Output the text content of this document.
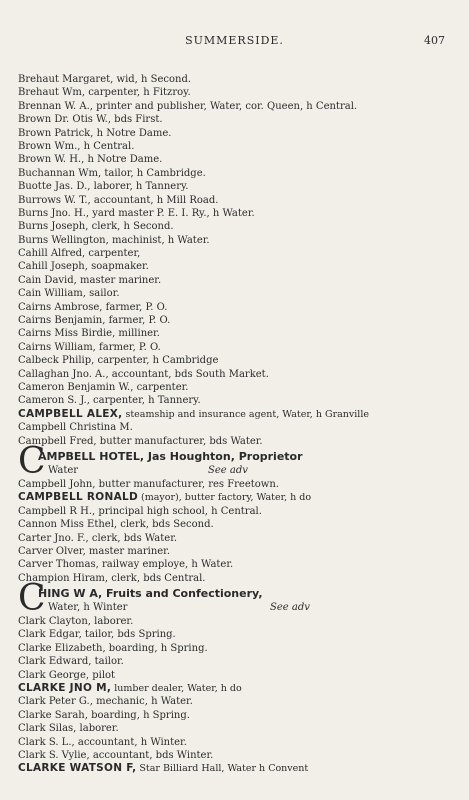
SUMMERSIDE.	407
Brehaut Margaret, wid, h Second.
Brehaut Wm, carpenter, h Fitzroy.
Brennan W. A., printer and publisher, Water, cor. Queen, h Central.
Brown Dr. Otis W., bds First.
Brown Patrick, h Notre Dame.
Brown Wm., h Central.
Brown W. H., h Notre Dame.
Buchannan Wm, tailor, h Cambridge.
Buotte Jas. D., laborer, h Tannery.
Burrows W. T., accountant, h Mill Road.
Burns Jno. H., yard master P. E. I. Ry., h Water.
Burns Joseph, clerk, h Second.
Burns Wellington, machinist, h Water.
Cahill Alfred, carpenter,
Cahill Joseph, soapmaker.
Cain David, master mariner.
Cain William, sailor.
Cairns Ambrose, farmer, P. O.
Cairns Benjamin, farmer, P. O.
Cairns Miss Birdie, milliner.
Cairns William, farmer, P. O.
Calbeck Philip, carpenter, h Cambridge
Callaghan Jno. A., accountant, bds South Market.
Cameron Benjamin W., carpenter.
Cameron S. J., carpenter, h Tannery.
CAMPBELL ALEX, steamship and insurance agent, Water, h Granville
Campbell Christina M.
Campbell Fred, butter manufacturer, bds Water.
C
AMPBELL HOTEL, Jas Houghton, Proprietor
Water	See adv
Campbell John, butter manufacturer, res Freetown.
CAMPBELL RONALD (mayor), butter factory, Water, h do
Campbell R H., principal high school, h Central.
Cannon Miss Ethel, clerk, bds Second.
Carter Jno. F., clerk, bds Water.
Carver Olver, master mariner.
Carver Thomas, railway employe, h Water.
Champion Hiram, clerk, bds Central.
C
HING W A, Fruits and Confectionery,
Water, h Winter	See adv
Clark Clayton, laborer.
Clark Edgar, tailor, bds Spring.
Clarke Elizabeth, boarding, h Spring.
Clark Edward, tailor.
Clark George, pilot
CLARKE JNO M, lumber dealer, Water, h do
Clark Peter G., mechanic, h Water.
Clarke Sarah, boarding, h Spring.
Clark Silas, laborer.
Clark S. L., accountant, h Winter.
Clark S. Vylie, accountant, bds Winter.
CLARKE WATSON F, Star Billiard Hall, Water h Convent
